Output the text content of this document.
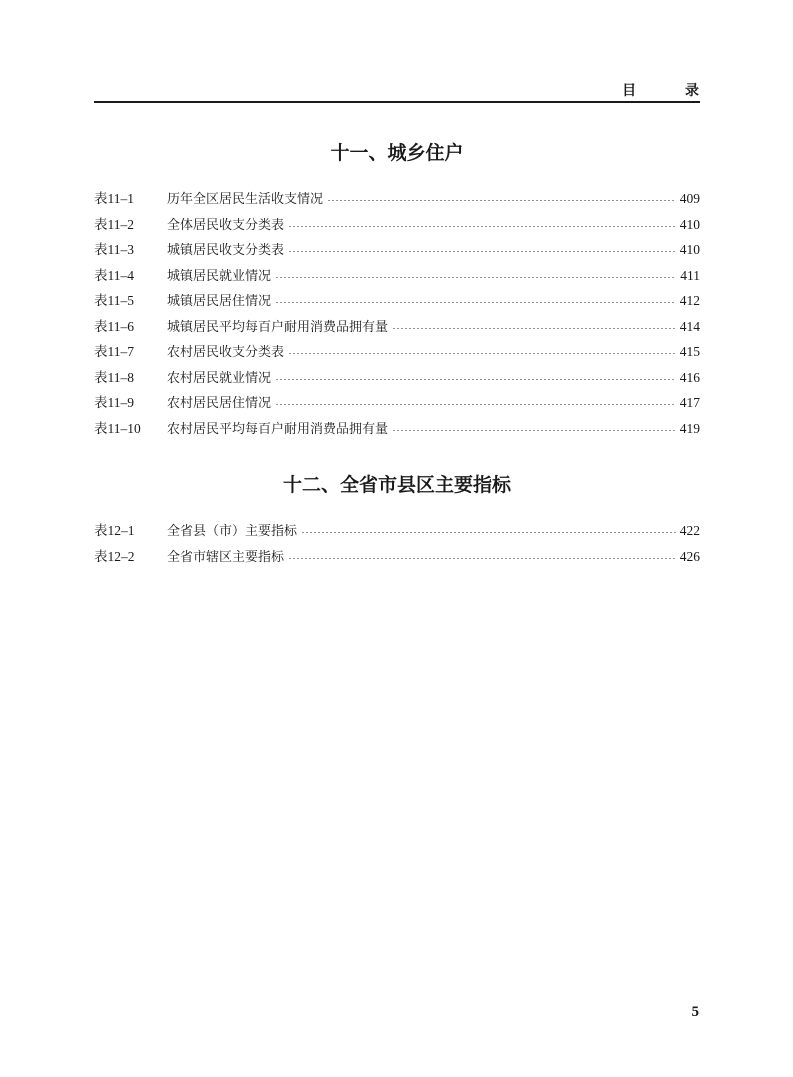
目 录
十一、城乡住户
表11–1	历年全区居民生活收支情况	409
表11–2	全体居民收支分类表	410
表11–3	城镇居民收支分类表	410
表11–4	城镇居民就业情况	411
表11–5	城镇居民居住情况	412
表11–6	城镇居民平均每百户耐用消费品拥有量	414
表11–7	农村居民收支分类表	415
表11–8	农村居民就业情况	416
表11–9	农村居民居住情况	417
表11–10	农村居民平均每百户耐用消费品拥有量	419
十二、全省市县区主要指标
表12–1	全省县（市）主要指标	422
表12–2	全省市辖区主要指标	426
5
